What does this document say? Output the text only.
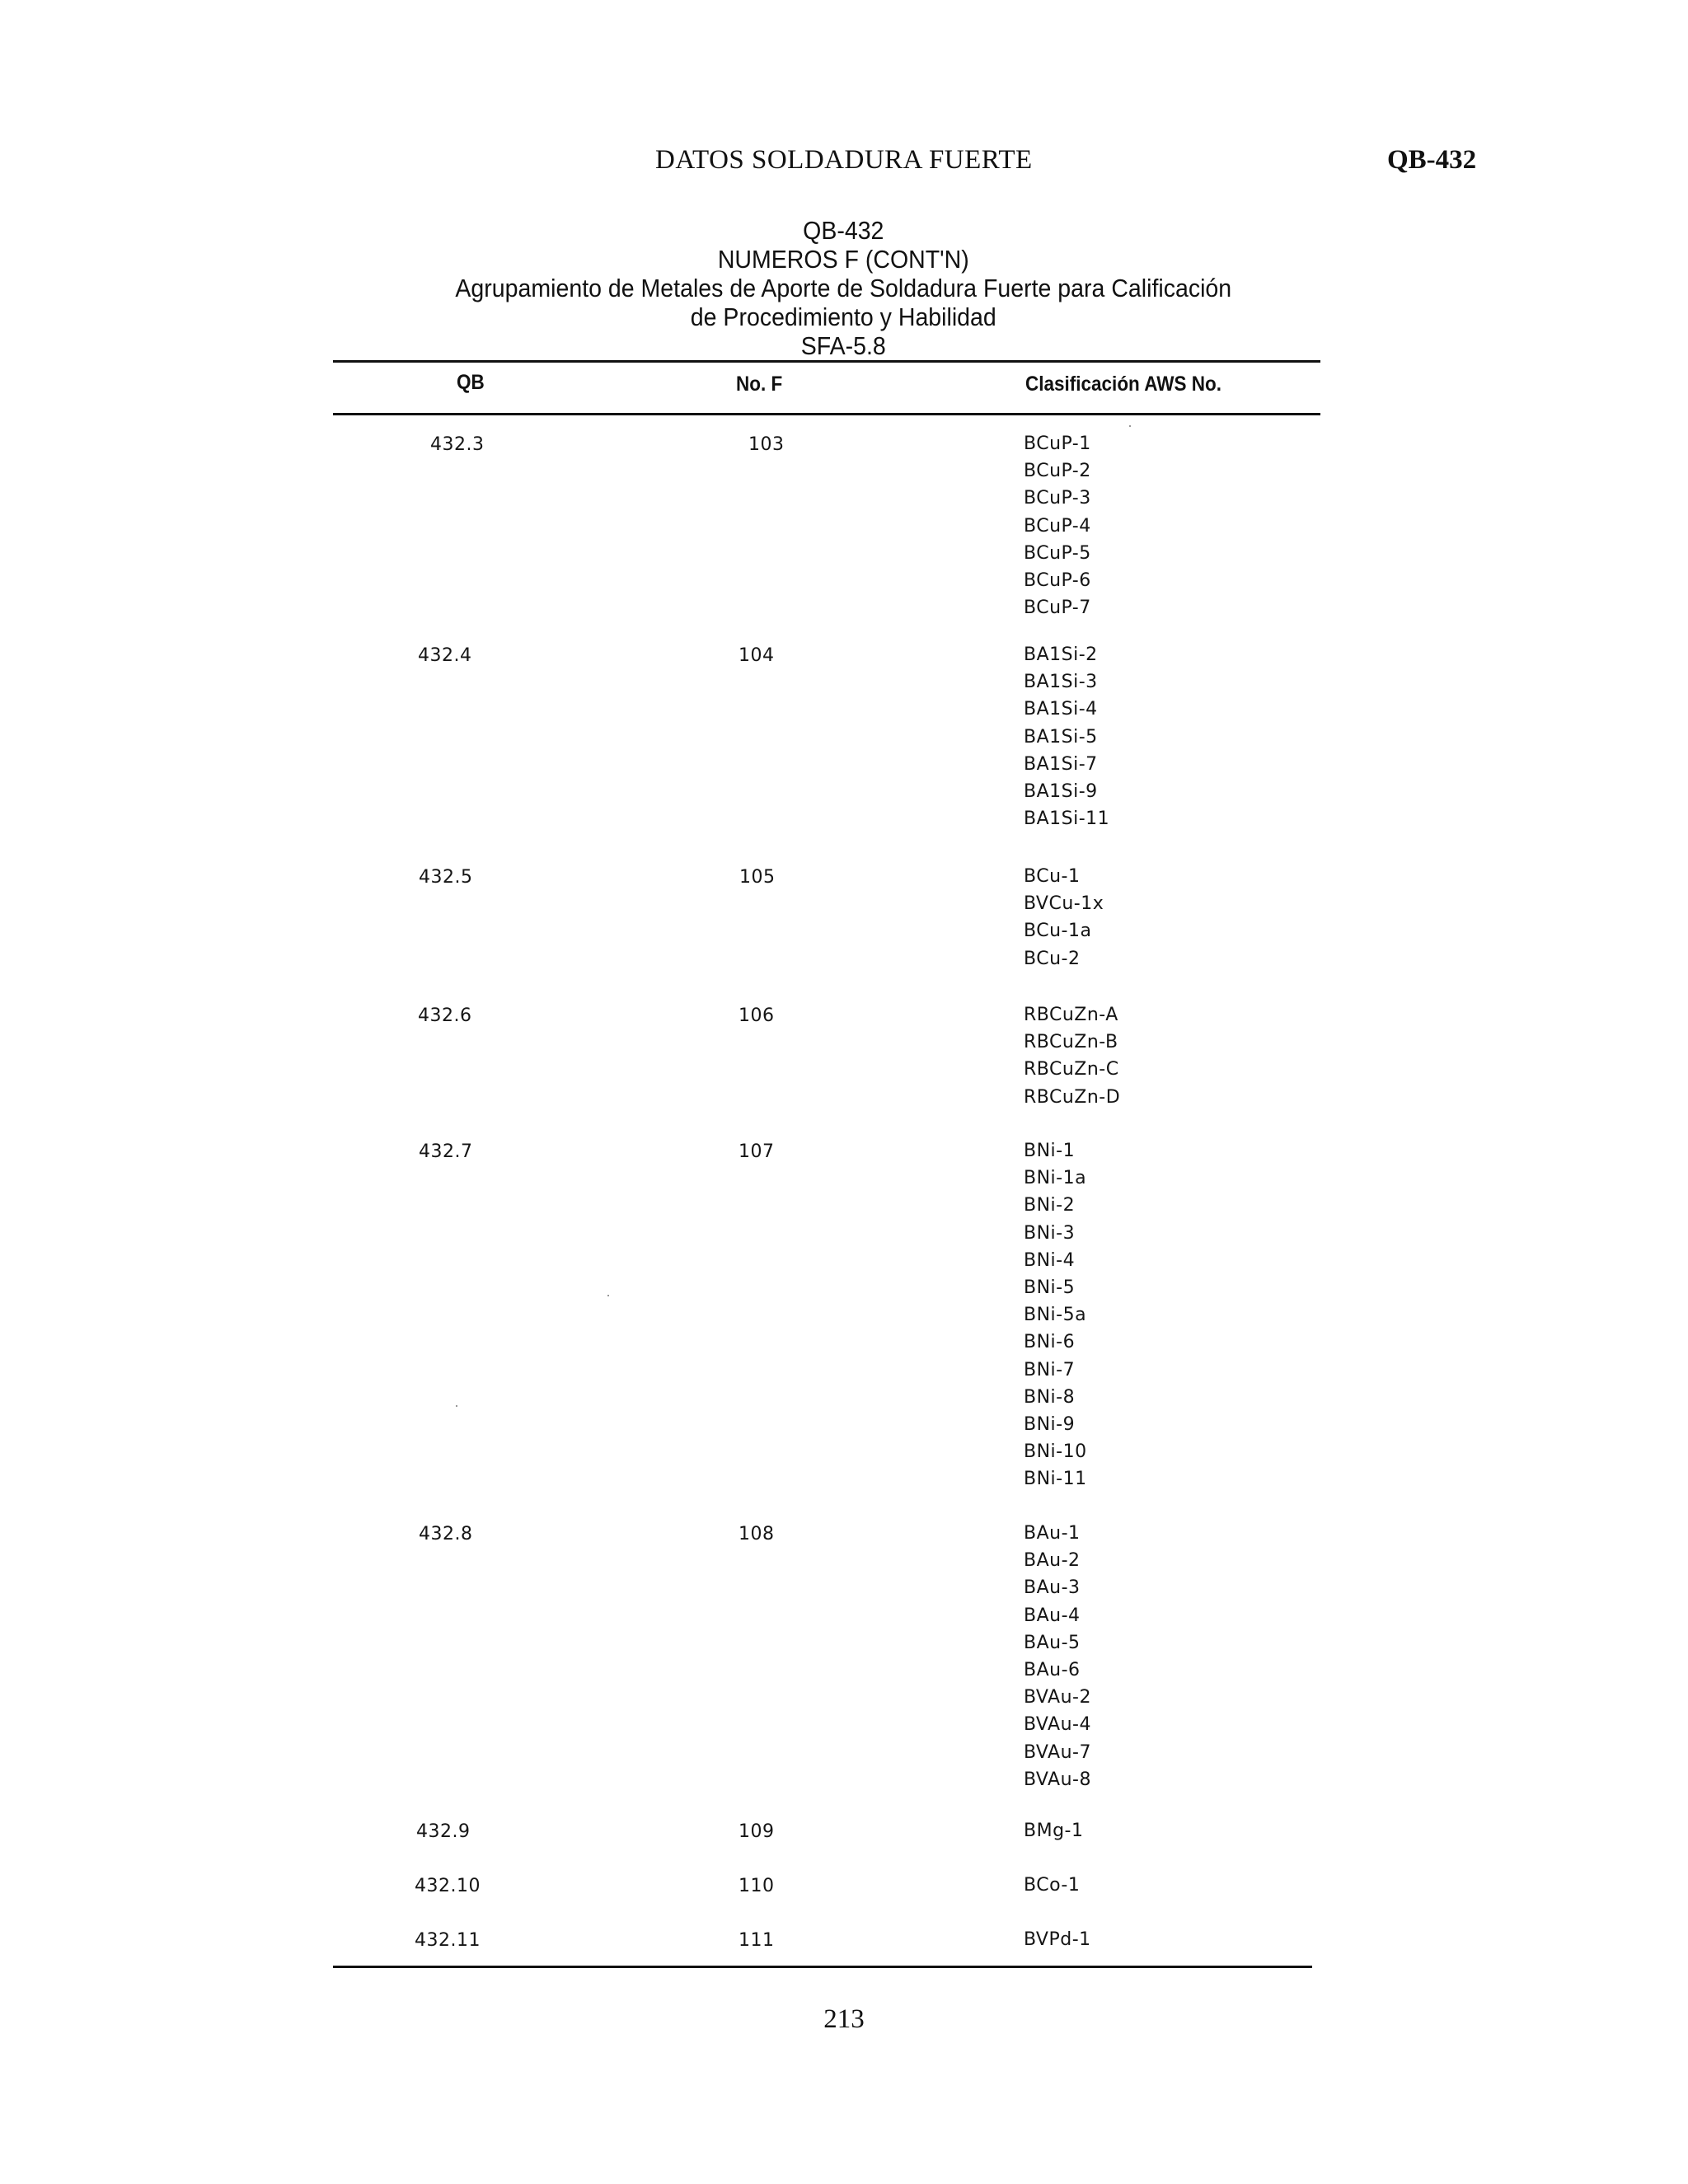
DATOS SOLDADURA FUERTE	QB-432
QB-432
NUMEROS F (CONT'N)
Agrupamiento de Metales de Aporte de Soldadura Fuerte para Calificación
de Procedimiento y Habilidad
SFA-5.8
QB	No. F	Clasificación AWS No.
432.3	103	BCuP-1
BCuP-2
BCuP-3
BCuP-4
BCuP-5
BCuP-6
BCuP-7
432.4	104	BA1Si-2
BA1Si-3
BA1Si-4
BA1Si-5
BA1Si-7
BA1Si-9
BA1Si-11
432.5	105	BCu-1
BVCu-1x
BCu-1a
BCu-2
432.6	106	RBCuZn-A
RBCuZn-B
RBCuZn-C
RBCuZn-D
432.7	107	BNi-1
BNi-1a
BNi-2
BNi-3
BNi-4
BNi-5
BNi-5a
BNi-6
BNi-7
BNi-8
BNi-9
BNi-10
BNi-11
432.8	108	BAu-1
BAu-2
BAu-3
BAu-4
BAu-5
BAu-6
BVAu-2
BVAu-4
BVAu-7
BVAu-8
432.9	109	BMg-1
432.10	110	BCo-1
432.11	111	BVPd-1
213
